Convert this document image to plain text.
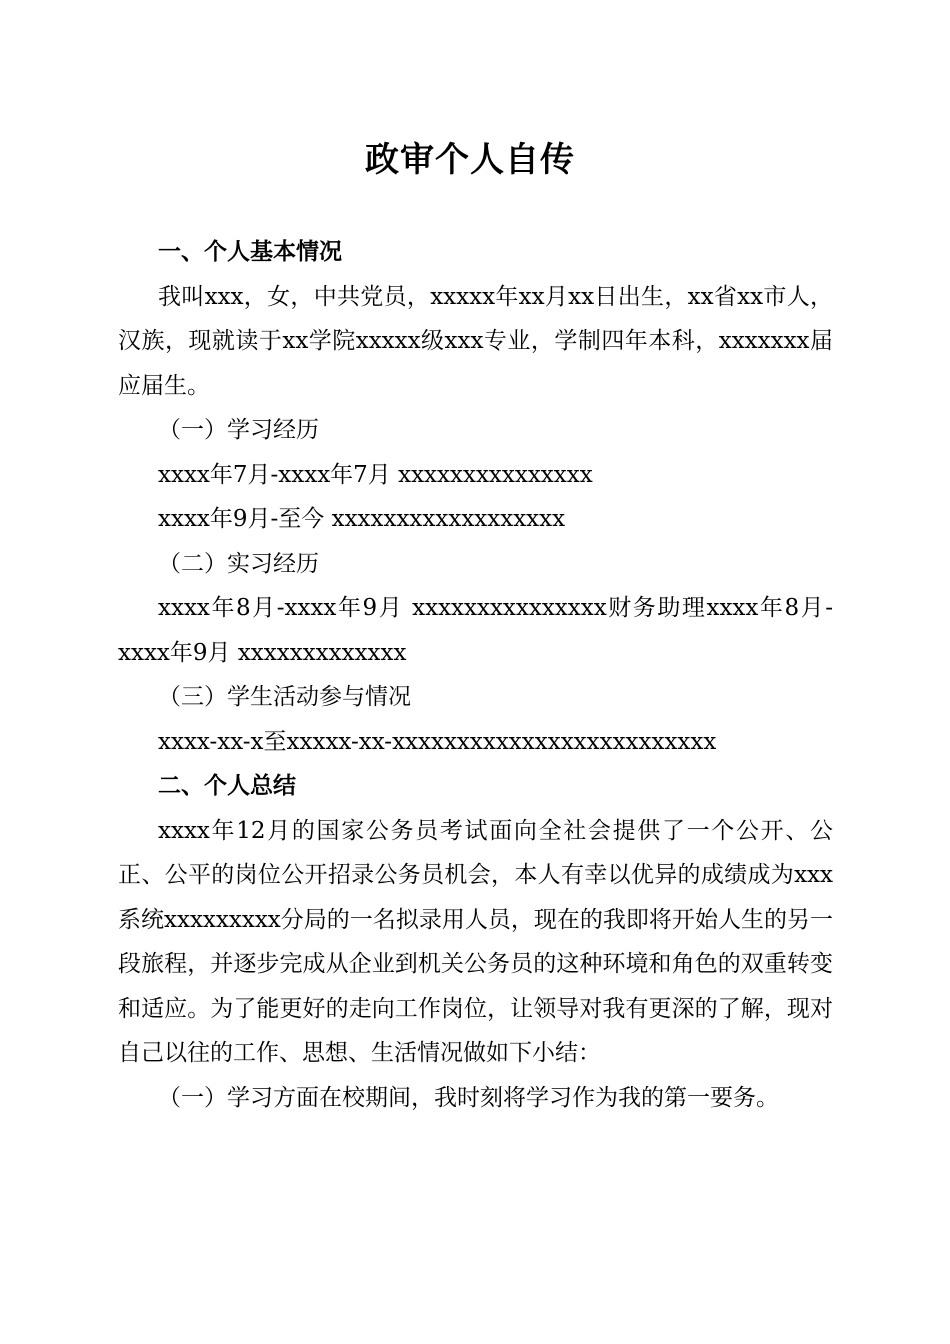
政审个人自传

一、个人基本情况

我叫xxx，女，中共党员，xxxxx年xx月xx日出生，xx省xx市人，汉族，现就读于xx学院xxxxx级xxx专业，学制四年本科，xxxxxxx届应届生。

（一）学习经历

xxxx年7月-xxxx年7月 xxxxxxxxxxxxxxx

xxxx年9月-至今 xxxxxxxxxxxxxxxxxx

（二）实习经历

xxxx年8月-xxxx年9月 xxxxxxxxxxxxxxx财务助理xxxx年8月-xxxx年9月 xxxxxxxxxxxxx

（三）学生活动参与情况

xxxx-xx-x至xxxxx-xx-xxxxxxxxxxxxxxxxxxxxxxxxx

二、个人总结

xxxx年12月的国家公务员考试面向全社会提供了一个公开、公正、公平的岗位公开招录公务员机会，本人有幸以优异的成绩成为xxx系统xxxxxxxxx分局的一名拟录用人员，现在的我即将开始人生的另一段旅程，并逐步完成从企业到机关公务员的这种环境和角色的双重转变和适应。为了能更好的走向工作岗位，让领导对我有更深的了解，现对自己以往的工作、思想、生活情况做如下小结：

（一）学习方面在校期间，我时刻将学习作为我的第一要务。
